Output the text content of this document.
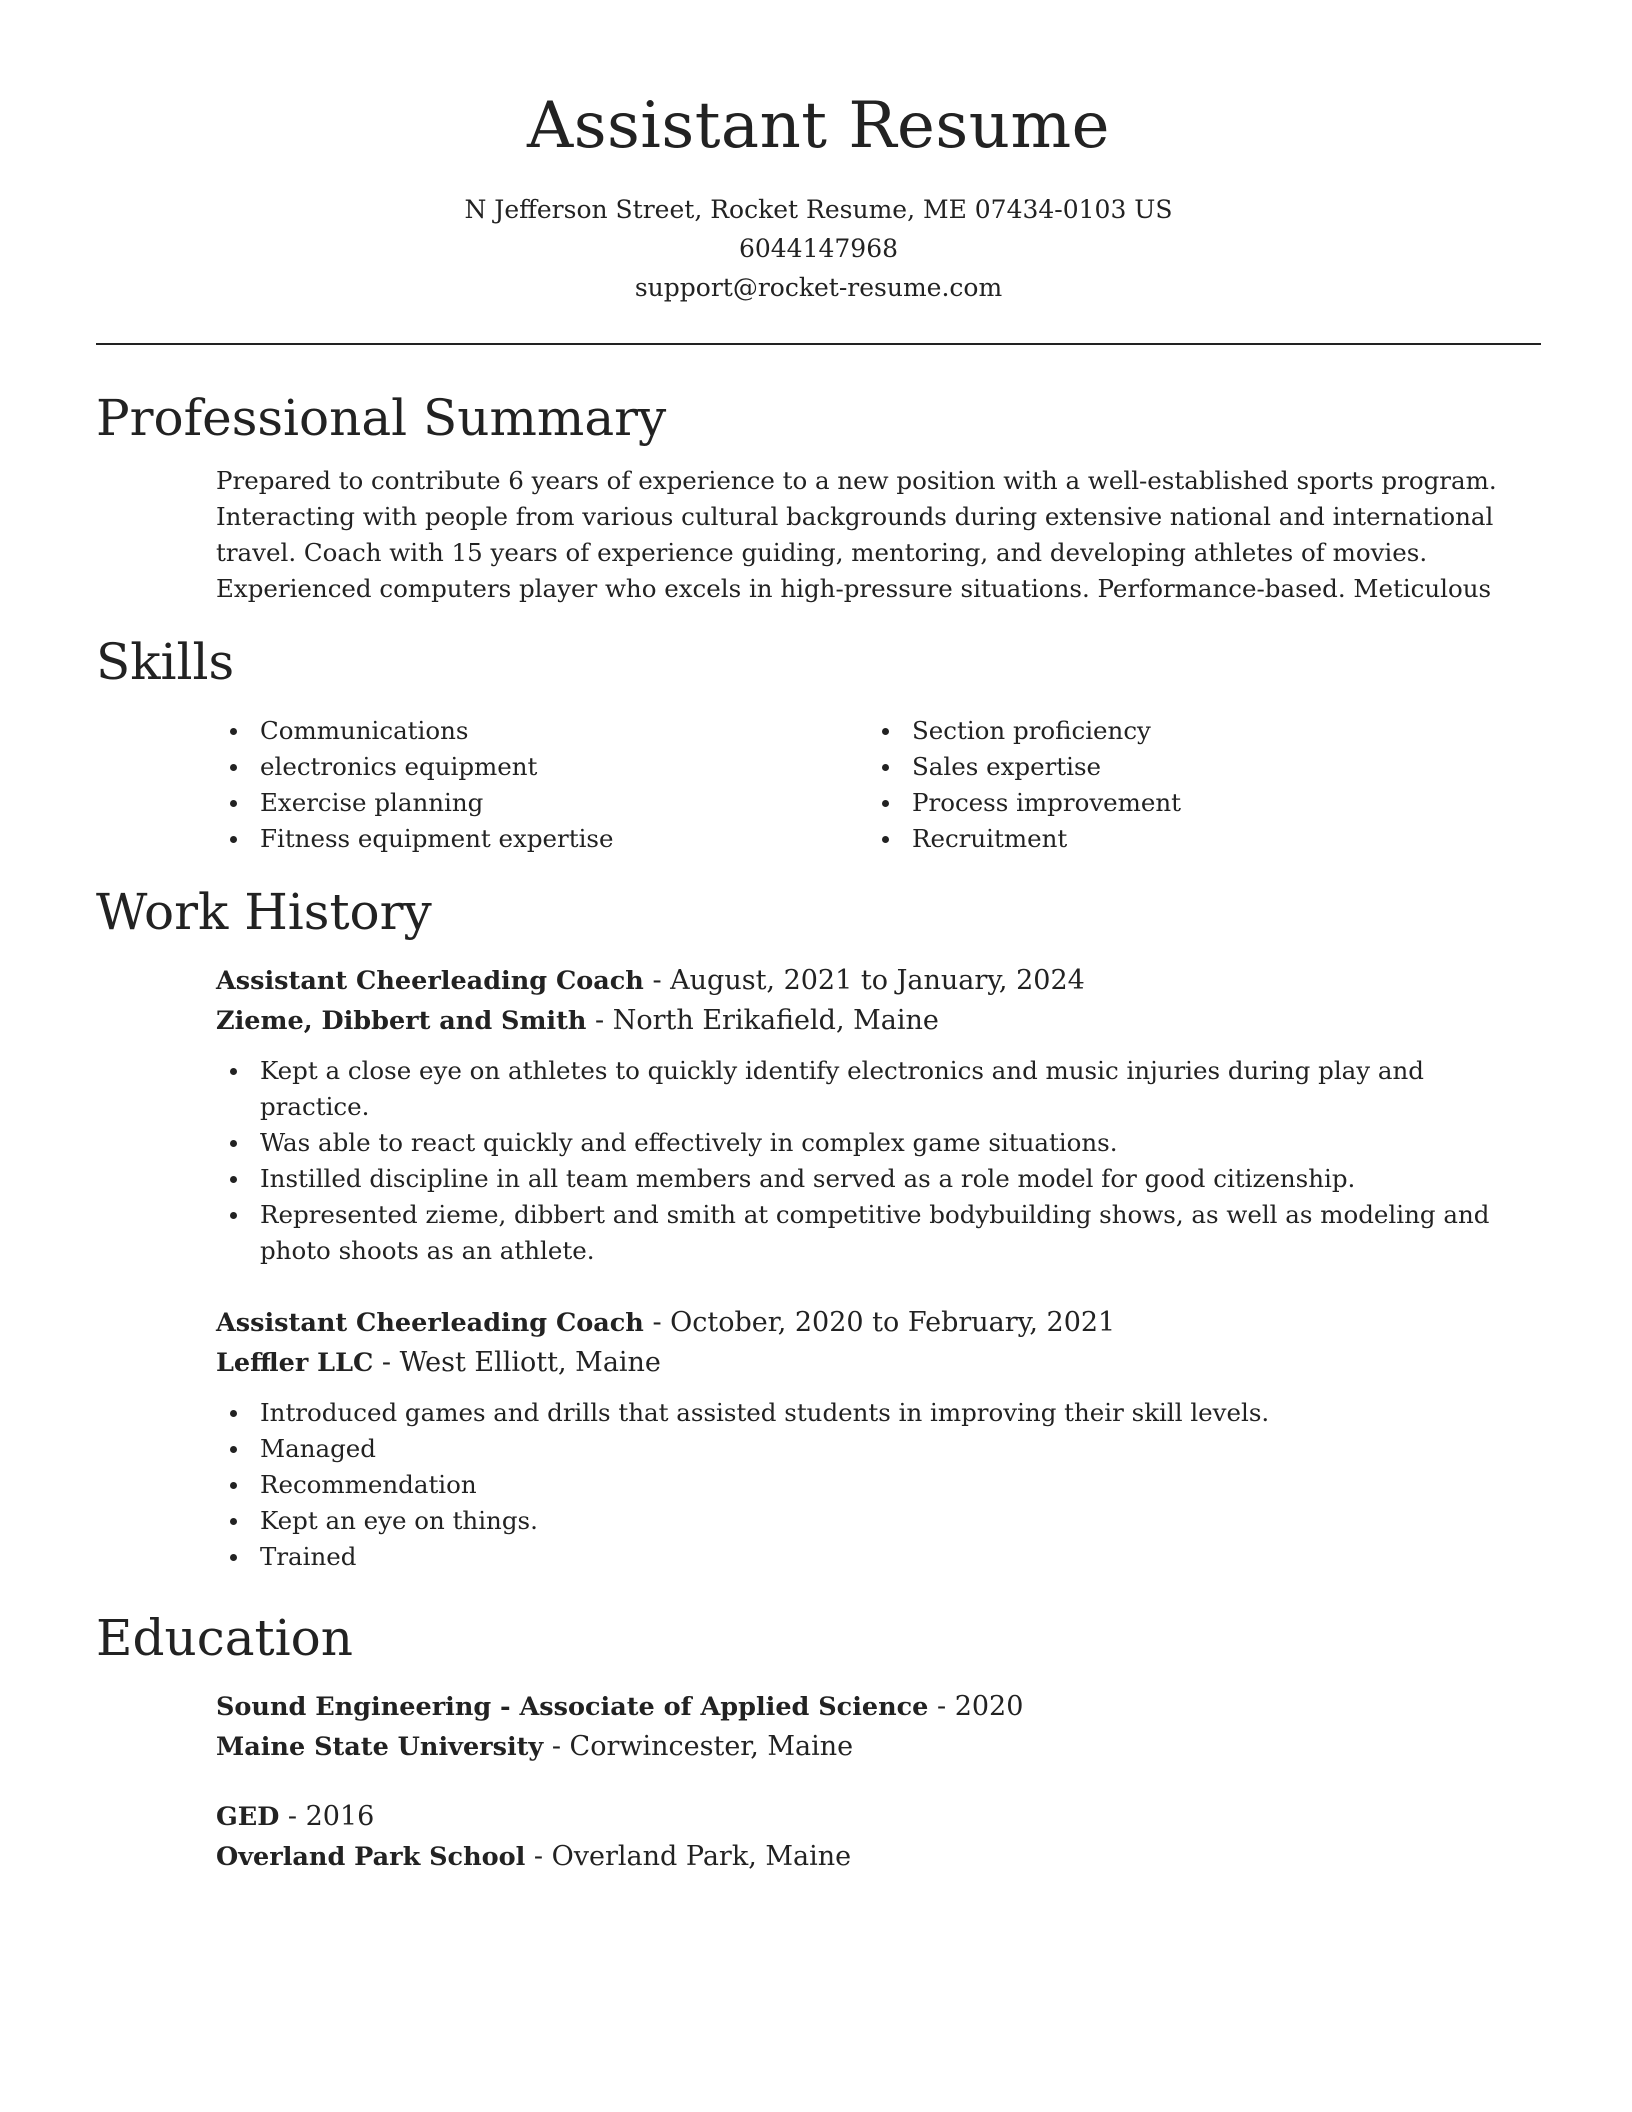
Assistant Resume
N Jefferson Street, Rocket Resume, ME 07434-0103 US
6044147968
support@rocket-resume.com
Professional Summary
Prepared to contribute 6 years of experience to a new position with a well-established sports program. Interacting with people from various cultural backgrounds during extensive national and international travel. Coach with 15 years of experience guiding, mentoring, and developing athletes of movies. Experienced computers player who excels in high-pressure situations. Performance-based. Meticulous
Skills
Communications
electronics equipment
Exercise planning
Fitness equipment expertise
Section proficiency
Sales expertise
Process improvement
Recruitment
Work History
Assistant Cheerleading Coach - August, 2021 to January, 2024
Zieme, Dibbert and Smith - North Erikafield, Maine
Kept a close eye on athletes to quickly identify electronics and music injuries during play and practice.
Was able to react quickly and effectively in complex game situations.
Instilled discipline in all team members and served as a role model for good citizenship.
Represented zieme, dibbert and smith at competitive bodybuilding shows, as well as modeling and photo shoots as an athlete.
Assistant Cheerleading Coach - October, 2020 to February, 2021
Leffler LLC - West Elliott, Maine
Introduced games and drills that assisted students in improving their skill levels.
Managed
Recommendation
Kept an eye on things.
Trained
Education
Sound Engineering - Associate of Applied Science - 2020
Maine State University - Corwincester, Maine
GED - 2016
Overland Park School - Overland Park, Maine
